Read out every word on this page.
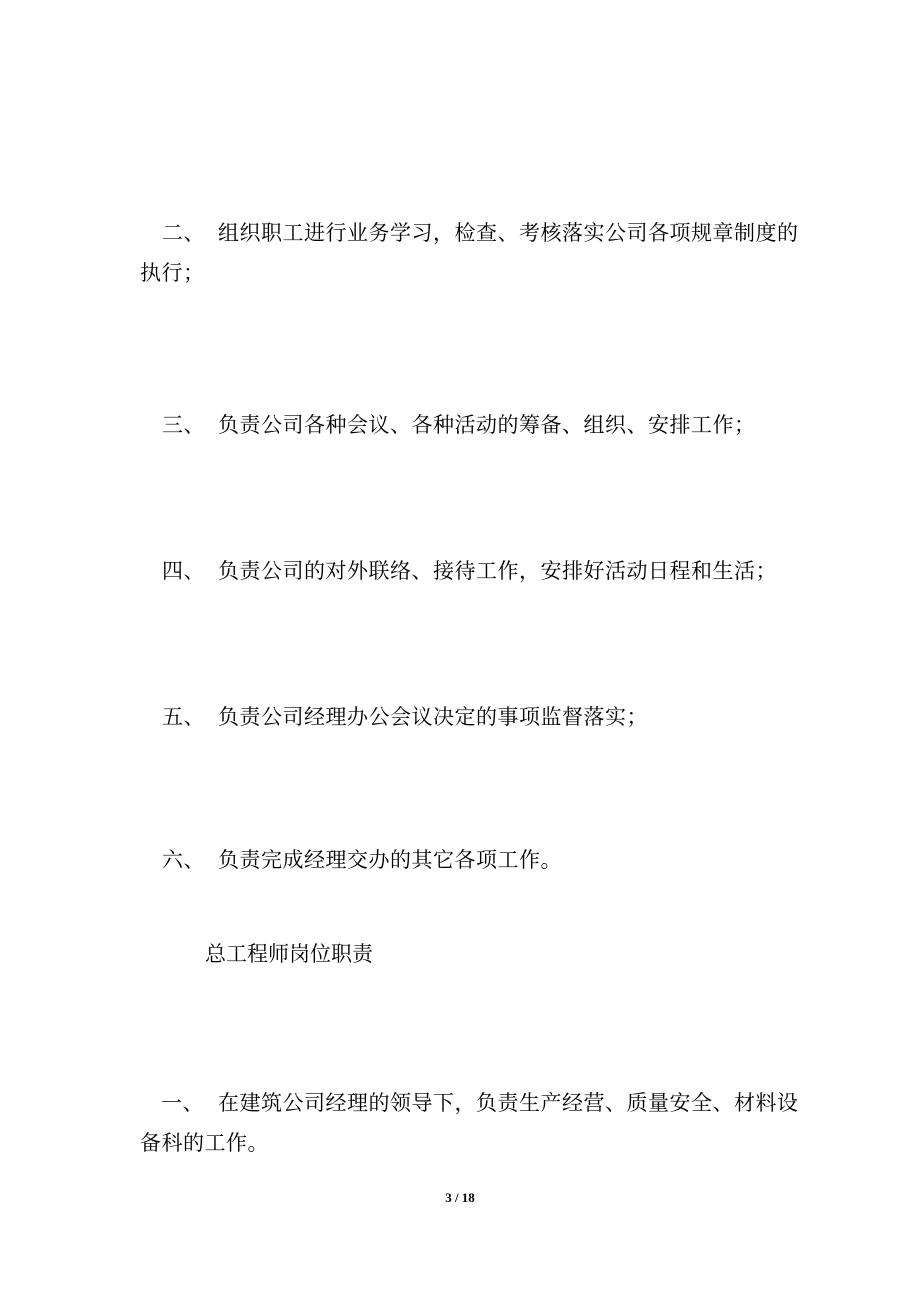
二、 组织职工进行业务学习，检查、考核落实公司各项规章制度的执行；

三、 负责公司各种会议、各种活动的筹备、组织、安排工作；

四、 负责公司的对外联络、接待工作，安排好活动日程和生活；

五、 负责公司经理办公会议决定的事项监督落实；

六、 负责完成经理交办的其它各项工作。

总工程师岗位职责

一、 在建筑公司经理的领导下，负责生产经营、质量安全、材料设备科的工作。

3 / 18
